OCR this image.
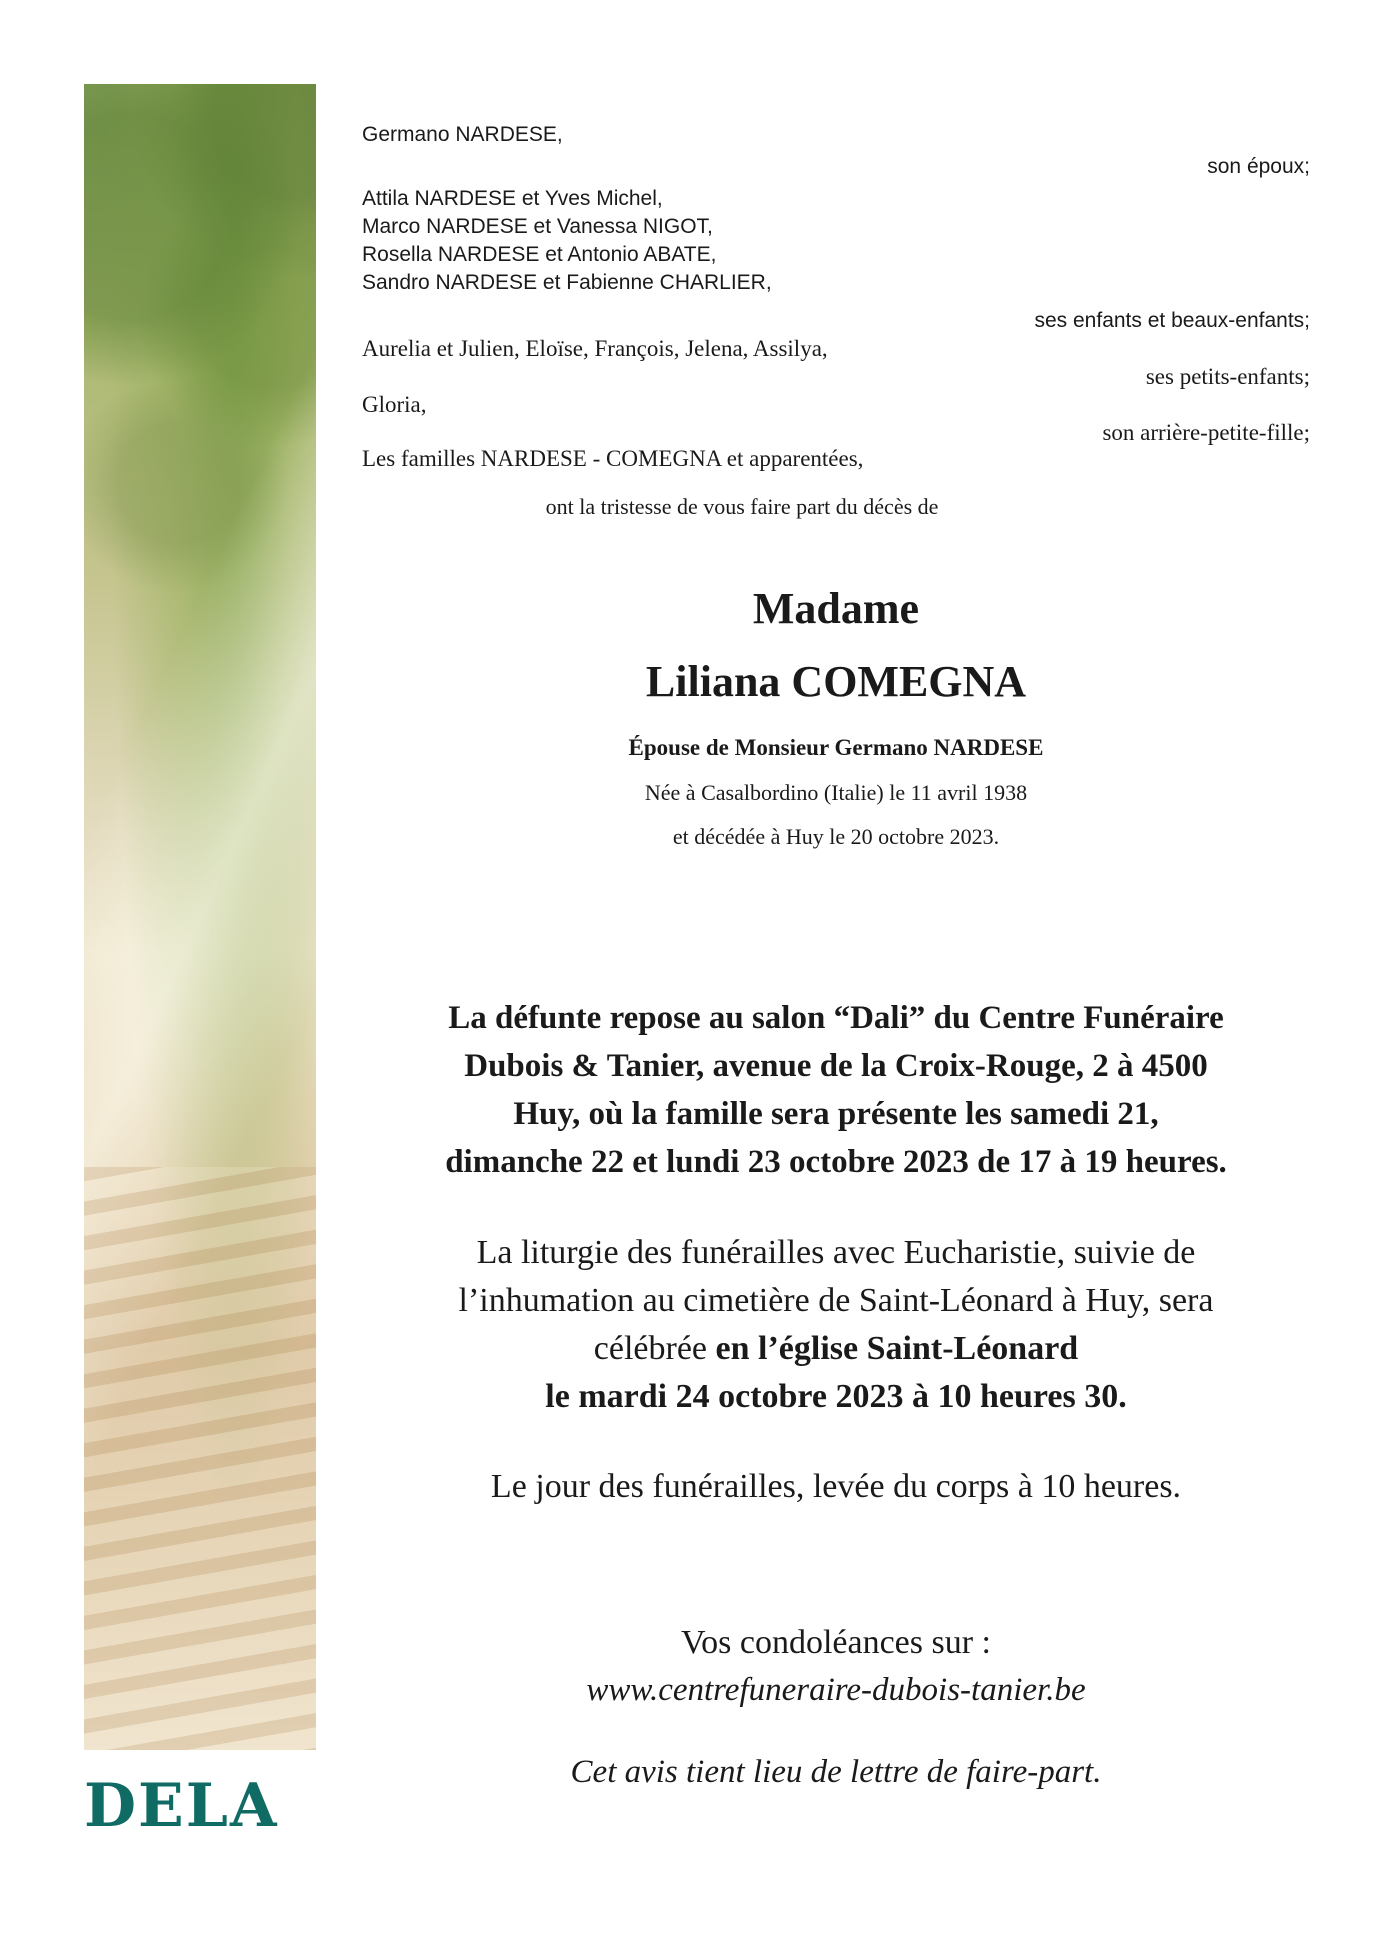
DELA
Germano NARDESE,
son époux;
Attila NARDESE et Yves Michel,
Marco NARDESE et Vanessa NIGOT,
Rosella NARDESE et Antonio ABATE,
Sandro NARDESE et Fabienne CHARLIER,
ses enfants et beaux-enfants;
Aurelia et Julien, Eloïse, François, Jelena, Assilya,
ses petits-enfants;
Gloria,
son arrière-petite-fille;
Les familles NARDESE - COMEGNA et apparentées,
ont la tristesse de vous faire part du décès de
Madame
Liliana COMEGNA
Épouse de Monsieur Germano NARDESE
Née à Casalbordino (Italie) le 11 avril 1938
et décédée à Huy le 20 octobre 2023.
La défunte repose au salon “Dali” du Centre Funéraire
Dubois & Tanier, avenue de la Croix-Rouge, 2 à 4500
Huy, où la famille sera présente les samedi 21,
dimanche 22 et lundi 23 octobre 2023 de 17 à 19 heures.
La liturgie des funérailles avec Eucharistie, suivie de
l’inhumation au cimetière de Saint-Léonard à Huy, sera
célébrée en l’église Saint-Léonard
le mardi 24 octobre 2023 à 10 heures 30.
Le jour des funérailles, levée du corps à 10 heures.
Vos condoléances sur :
www.centrefuneraire-dubois-tanier.be
Cet avis tient lieu de lettre de faire-part.
